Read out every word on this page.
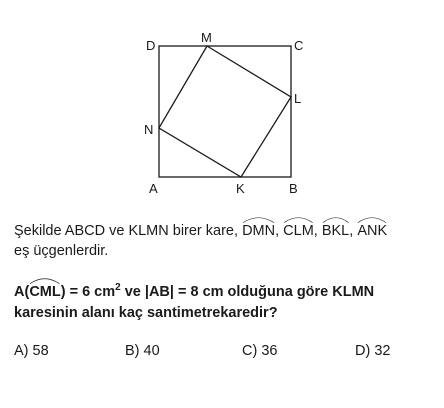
D
M
C
L
N
A	K	B
Şekilde ABCD ve KLMN birer kare,
DMN,
CLM,
BKL,
ANK
eş üçgenlerdir.
A(
CML) = 6 $cm^2$ ve |AB| = 8 cm olduğuna göre KLMN
karesinin alanı kaç santimetrekaredir?
A) 58	B) 40	C) 36	D) 32
